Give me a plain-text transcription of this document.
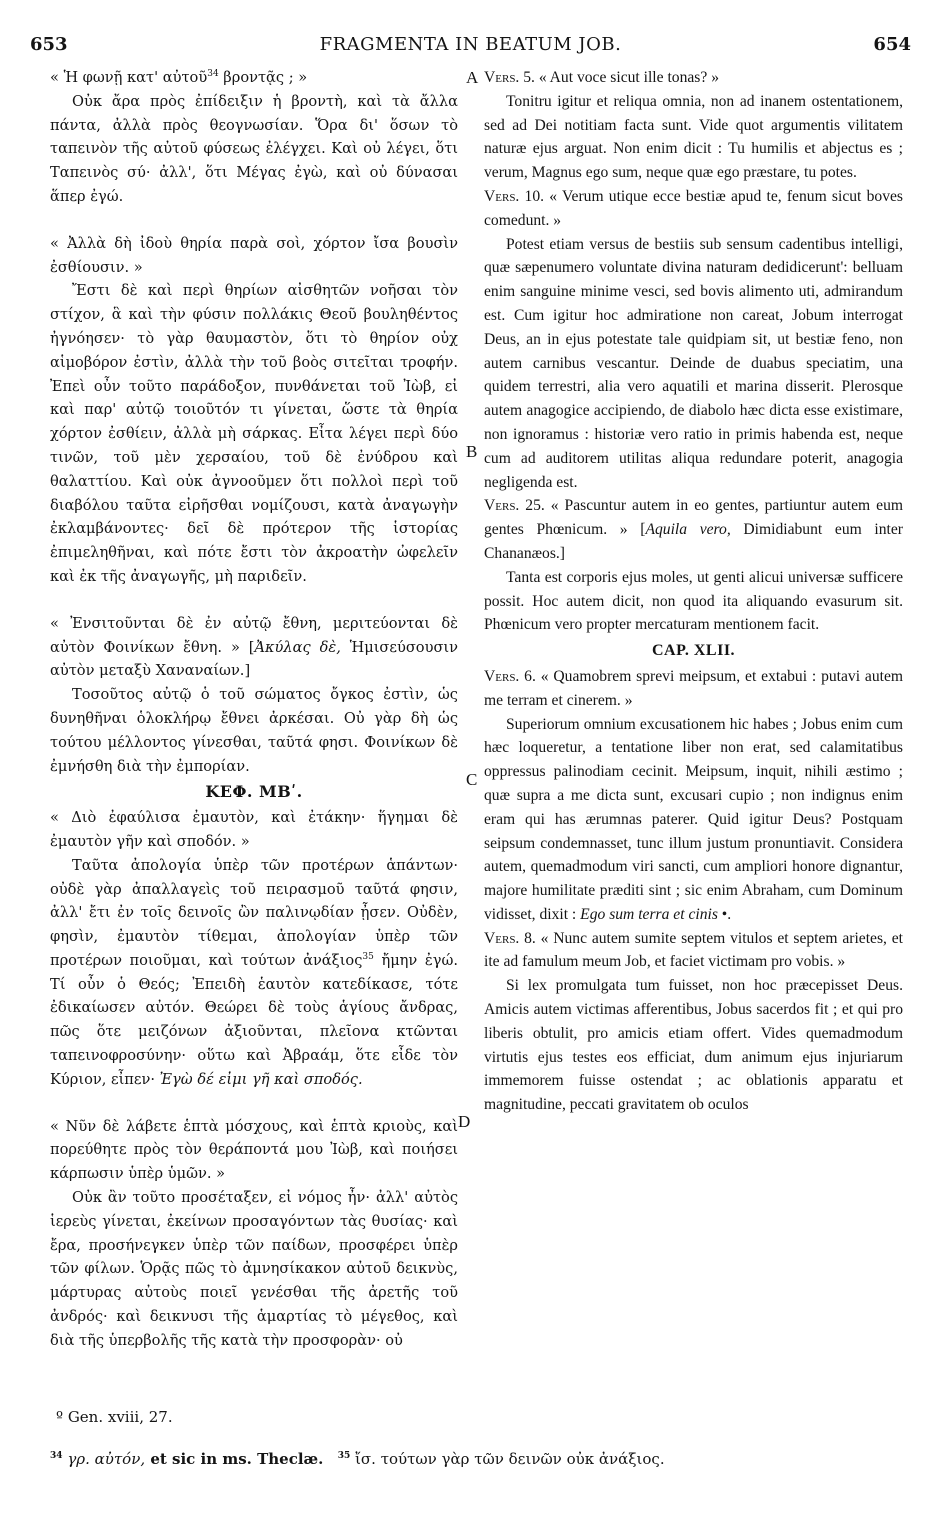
653	FRAGMENTA IN BEATUM JOB.	654

« Ἡ φωνῇ κατ' αὐτοῦ$^{34}$ βροντᾷς ; »

Οὐκ ἄρα πρὸς ἐπίδειξιν ἡ βροντὴ, καὶ τὰ ἄλλα πάντα, ἀλλὰ πρὸς θεογνωσίαν. Ὅρα δι' ὅσων τὸ ταπεινὸν τῆς αὐτοῦ φύσεως ἐλέγχει. Καὶ οὐ λέγει, ὅτι Ταπεινὸς σύ· ἀλλ', ὅτι Μέγας ἐγὼ, καὶ οὐ δύνασαι ἅπερ ἐγώ.

« Ἀλλὰ δὴ ἰδοὺ θηρία παρὰ σοὶ, χόρτον ἴσα βουσὶν ἐσθίουσιν. »

Ἔστι δὲ καὶ περὶ θηρίων αἰσθητῶν νοῆσαι τὸν στίχον, ἃ καὶ τὴν φύσιν πολλάκις Θεοῦ βουληθέντος ἠγνόησεν· τὸ γὰρ θαυμαστὸν, ὅτι τὸ θηρίον οὐχ αἱμοβόρον ἐστὶν, ἀλλὰ τὴν τοῦ βοὸς σιτεῖται τροφήν. Ἐπεὶ οὖν τοῦτο παράδοξον, πυνθάνεται τοῦ Ἰὼβ, εἰ καὶ παρ' αὐτῷ τοιοῦτόν τι γίνεται, ὥστε τὰ θηρία χόρτον ἐσθίειν, ἀλλὰ μὴ σάρκας. Εἶτα λέγει περὶ δύο τινῶν, τοῦ μὲν χερσαίου, τοῦ δὲ ἐνύδρου καὶ θαλαττίου. Καὶ οὐκ ἀγνοοῦμεν ὅτι πολλοὶ περὶ τοῦ διαβόλου ταῦτα εἰρῆσθαι νομίζουσι, κατὰ ἀναγωγὴν ἐκλαμβάνοντες· δεῖ δὲ πρότερον τῆς ἱστορίας ἐπιμεληθῆναι, καὶ πότε ἔστι τὸν ἀκροατὴν ὠφελεῖν καὶ ἐκ τῆς ἀναγωγῆς, μὴ παριδεῖν.

« Ἐνσιτοῦνται δὲ ἐν αὐτῷ ἔθνη, μεριτεύονται δὲ αὐτὸν Φοινίκων ἔθνη. » [Ἀκύλας δὲ, Ἡμισεύσουσιν αὐτὸν μεταξὺ Χαναναίων.]

Τοσοῦτος αὐτῷ ὁ τοῦ σώματος ὄγκος ἐστὶν, ὡς δυνηθῆναι ὁλοκλήρῳ ἔθνει ἀρκέσαι. Οὐ γὰρ δὴ ὡς τούτου μέλλοντος γίνεσθαι, ταῦτά φησι. Φοινίκων δὲ ἐμνήσθη διὰ τὴν ἐμπορίαν.

ΚΕΦ. ΜΒʹ.

« Διὸ ἐφαύλισα ἐμαυτὸν, καὶ ἐτάκην· ἥγημαι δὲ ἐμαυτὸν γῆν καὶ σποδόν. »

Ταῦτα ἀπολογία ὑπὲρ τῶν προτέρων ἁπάντων· οὐδὲ γὰρ ἀπαλλαγεὶς τοῦ πειρασμοῦ ταῦτά φησιν, ἀλλ' ἔτι ἐν τοῖς δεινοῖς ὢν παλινῳδίαν ᾖσεν. Οὐδὲν, φησὶν, ἐμαυτὸν τίθεμαι, ἀπολογίαν ὑπὲρ τῶν προτέρων ποιοῦμαι, καὶ τούτων ἀνάξιος$^{35}$ ἤμην ἐγώ. Τί οὖν ὁ Θεός; Ἐπειδὴ ἑαυτὸν κατεδίκασε, τότε ἐδικαίωσεν αὐτόν. Θεώρει δὲ τοὺς ἁγίους ἄνδρας, πῶς ὅτε μειζόνων ἀξιοῦνται, πλεῖονα κτῶνται ταπεινοφροσύνην· οὕτω καὶ Ἀβραάμ, ὅτε εἶδε τὸν Κύριον, εἶπεν· Ἐγὼ δέ εἰμι γῆ καὶ σποδός.

« Νῦν δὲ λάβετε ἑπτὰ μόσχους, καὶ ἑπτὰ κριοὺς, καὶ πορεύθητε πρὸς τὸν θεράποντά μου Ἰὼβ, καὶ ποιήσει κάρπωσιν ὑπὲρ ὑμῶν. »

Οὐκ ἂν τοῦτο προσέταξεν, εἰ νόμος ἦν· ἀλλ' αὐτὸς ἱερεὺς γίνεται, ἐκείνων προσαγόντων τὰς θυσίας· καὶ ἔρα, προσήνεγκεν ὑπὲρ τῶν παίδων, προσφέρει ὑπὲρ τῶν φίλων. Ὁρᾷς πῶς τὸ ἀμνησίκακον αὐτοῦ δεικνὺς, μάρτυρας αὐτοὺς ποιεῖ γενέσθαι τῆς ἀρετῆς τοῦ ἀνδρός· καὶ δεικνυσι τῆς ἁμαρτίας τὸ μέγεθος, καὶ διὰ τῆς ὑπερβολῆς τῆς κατὰ τὴν προσφορὰν· οὐ

A
B
C
D

Vers. 5. « Aut voce sicut ille tonas? »

Tonitru igitur et reliqua omnia, non ad inanem ostentationem, sed ad Dei notitiam facta sunt. Vide quot argumentis vilitatem naturæ ejus arguat. Non enim dicit : Tu humilis et abjectus es ; verum, Magnus ego sum, neque quæ ego præstare, tu potes.

Vers. 10. « Verum utique ecce bestiæ apud te, fenum sicut boves comedunt. »

Potest etiam versus de bestiis sub sensum cadentibus intelligi, quæ sæpenumero voluntate divina naturam dedidicerunt': belluam enim sanguine minime vesci, sed bovis alimento uti, admirandum est. Cum igitur hoc admiratione non careat, Jobum interrogat Deus, an in ejus potestate tale quidpiam sit, ut bestiæ feno, non autem carnibus vescantur. Deinde de duabus speciatim, una quidem terrestri, alia vero aquatili et marina disserit. Plerosque autem anagogice accipiendo, de diabolo hæc dicta esse existimare, non ignoramus : historiæ vero ratio in primis habenda est, neque cum ad auditorem utilitas aliqua redundare poterit, anagogia negligenda est.

Vers. 25. « Pascuntur autem in eo gentes, partiuntur autem eum gentes Phœnicum. » [Aquila vero, Dimidiabunt eum inter Chananæos.]

Tanta est corporis ejus moles, ut genti alicui universæ sufficere possit. Hoc autem dicit, non quod ita aliquando evasurum sit. Phœnicum vero propter mercaturam mentionem facit.

CAP. XLII.

Vers. 6. « Quamobrem sprevi meipsum, et extabui : putavi autem me terram et cinerem. »

Superiorum omnium excusationem hic habes ; Jobus enim cum hæc loqueretur, a tentatione liber non erat, sed calamitatibus oppressus palinodiam cecinit. Meipsum, inquit, nihili æstimo ; quæ supra a me dicta sunt, excusari cupio ; non indignus enim eram qui has ærumnas paterer. Quid igitur Deus? Postquam seipsum condemnasset, tunc illum justum pronuntiavit. Considera autem, quemadmodum viri sancti, cum ampliori honore dignantur, majore humilitate præditi sint ; sic enim Abraham, cum Dominum vidisset, dixit : Ego sum terra et cinis •.

Vers. 8. « Nunc autem sumite septem vitulos et septem arietes, et ite ad famulum meum Job, et faciet victimam pro vobis. »

Si lex promulgata tum fuisset, non hoc præcepisset Deus. Amicis autem victimas afferentibus, Jobus sacerdos fit ; et qui pro liberis obtulit, pro amicis etiam offert. Vides quemadmodum virtutis ejus testes eos efficiat, dum animum ejus injuriarum immemorem fuisse ostendat ; ac oblationis apparatu et magnitudine, peccati gravitatem ob oculos

º Gen. xviii, 27.
$^{34}$ γρ. αὐτόν, et sic in ms. Theclæ. $^{35}$ ἴσ. τούτων γὰρ τῶν δεινῶν οὐκ ἀνάξιος.
